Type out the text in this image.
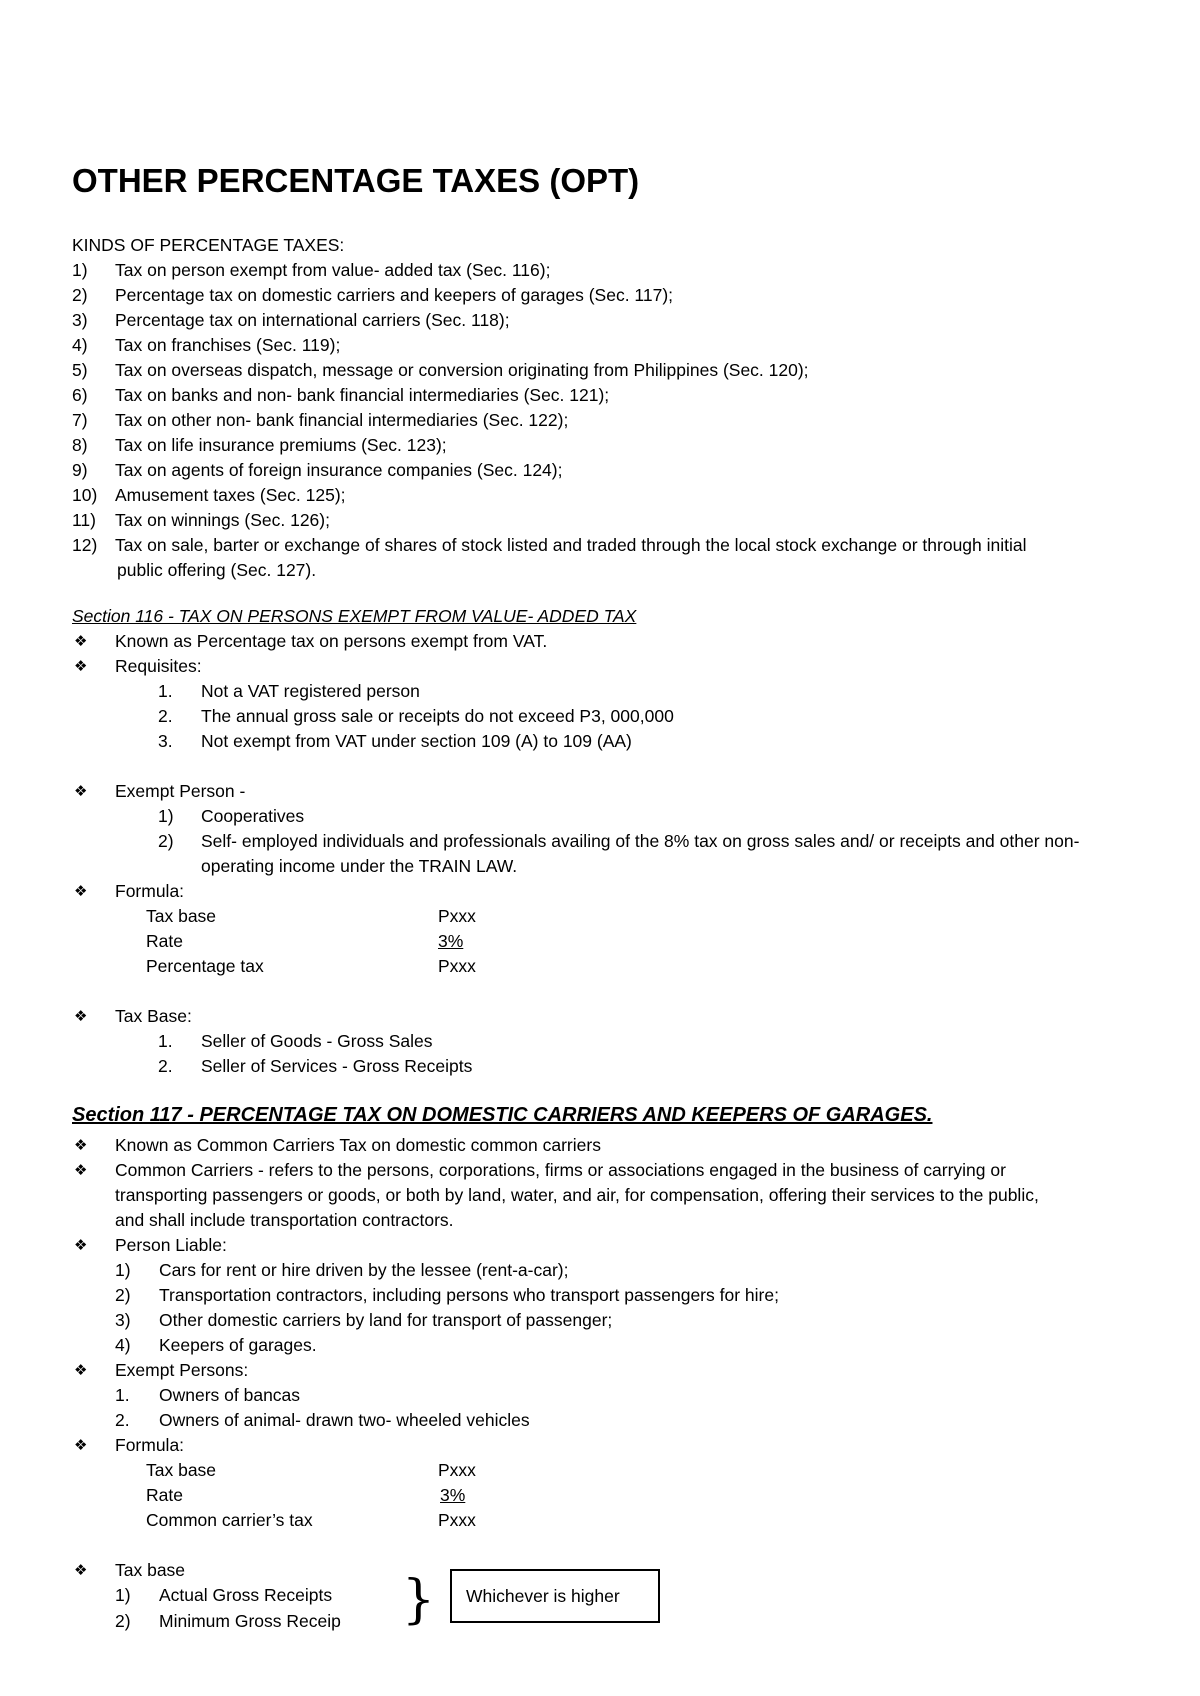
OTHER PERCENTAGE TAXES (OPT)
KINDS OF PERCENTAGE TAXES:
1) Tax on person exempt from value- added tax (Sec. 116);
2) Percentage tax on domestic carriers and keepers of garages (Sec. 117);
3) Percentage tax on international carriers (Sec. 118);
4) Tax on franchises (Sec. 119);
5) Tax on overseas dispatch, message or conversion originating from Philippines (Sec. 120);
6) Tax on banks and non- bank financial intermediaries (Sec. 121);
7) Tax on other non- bank financial intermediaries (Sec. 122);
8) Tax on life insurance premiums (Sec. 123);
9) Tax on agents of foreign insurance companies (Sec. 124);
10) Amusement taxes (Sec. 125);
11) Tax on winnings (Sec. 126);
12) Tax on sale, barter or exchange of shares of stock listed and traded through the local stock exchange or through initial
public offering (Sec. 127).
Section 116 - TAX ON PERSONS EXEMPT FROM VALUE- ADDED TAX
❖ Known as Percentage tax on persons exempt from VAT.
❖ Requisites:
1. Not a VAT registered person
2. The annual gross sale or receipts do not exceed P3, 000,000
3. Not exempt from VAT under section 109 (A) to 109 (AA)
❖ Exempt Person -
1) Cooperatives
2) Self- employed individuals and professionals availing of the 8% tax on gross sales and/ or receipts and other non-
operating income under the TRAIN LAW.
❖ Formula:
Tax base	Pxxx
Rate	3%
Percentage tax	Pxxx
❖ Tax Base:
1. Seller of Goods - Gross Sales
2. Seller of Services - Gross Receipts
Section 117 - PERCENTAGE TAX ON DOMESTIC CARRIERS AND KEEPERS OF GARAGES.
❖ Known as Common Carriers Tax on domestic common carriers
❖ Common Carriers - refers to the persons, corporations, firms or associations engaged in the business of carrying or
transporting passengers or goods, or both by land, water, and air, for compensation, offering their services to the public,
and shall include transportation contractors.
❖ Person Liable:
1) Cars for rent or hire driven by the lessee (rent-a-car);
2) Transportation contractors, including persons who transport passengers for hire;
3) Other domestic carriers by land for transport of passenger;
4) Keepers of garages.
❖ Exempt Persons:
1. Owners of bancas
2. Owners of animal- drawn two- wheeled vehicles
❖ Formula:
Tax base	Pxxx
Rate	3%
Common carrier’s tax	Pxxx
❖ Tax base
1) Actual Gross Receipts
2) Minimum Gross Receip } Whichever is higher
